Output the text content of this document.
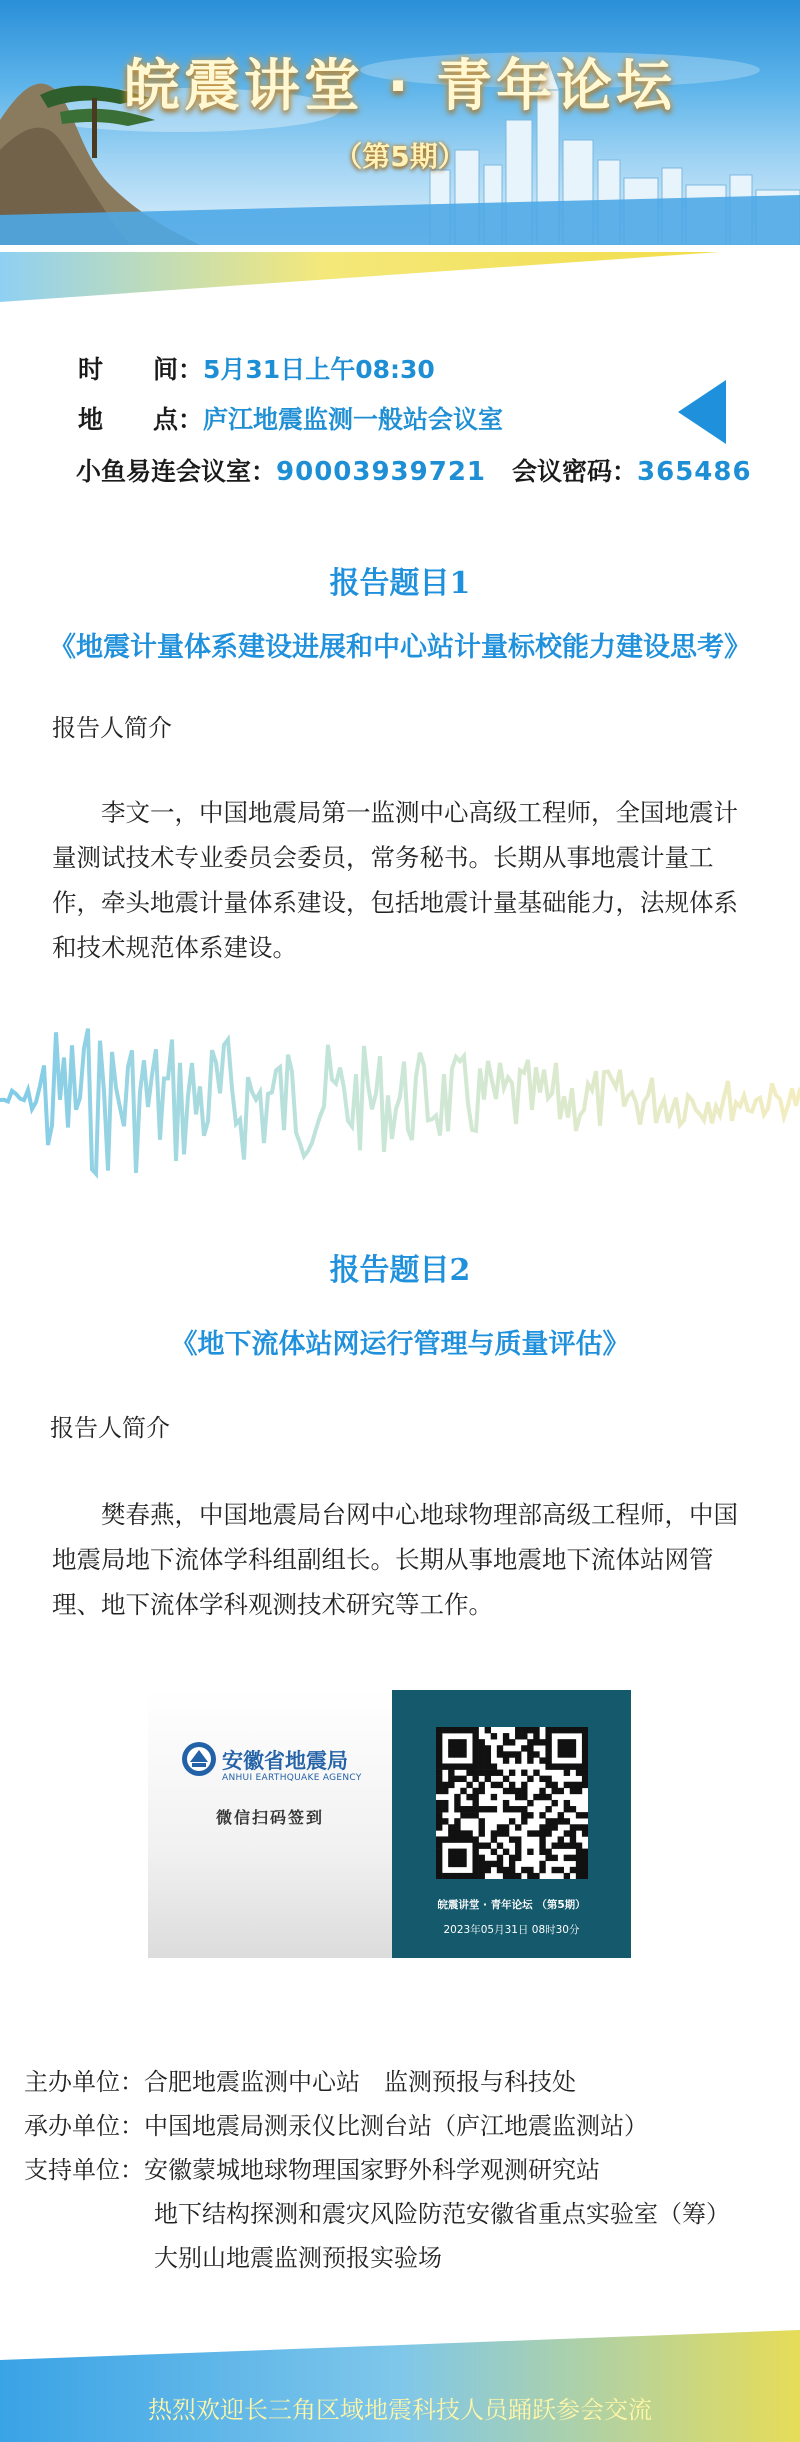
皖震讲堂 · 青年论坛
（第5期）
时　　间：5月31日上午08:30
地　　点：庐江地震监测一般站会议室
小鱼易连会议室：90003939721 会议密码：365486
报告题目1
《地震计量体系建设进展和中心站计量标校能力建设思考》
报告人简介
李文一，中国地震局第一监测中心高级工程师，全国地震计量测试技术专业委员会委员，常务秘书。长期从事地震计量工作，牵头地震计量体系建设，包括地震计量基础能力，法规体系和技术规范体系建设。
报告题目2
《地下流体站网运行管理与质量评估》
报告人简介
樊春燕，中国地震局台网中心地球物理部高级工程师，中国地震局地下流体学科组副组长。长期从事地震地下流体站网管理、地下流体学科观测技术研究等工作。
安徽省地震局
ANHUI EARTHQUAKE AGENCY
微信扫码签到
皖震讲堂 · 青年论坛 （第5期）
2023年05月31日 08时30分
主办单位：合肥地震监测中心站　监测预报与科技处
承办单位：中国地震局测汞仪比测台站（庐江地震监测站）
支持单位：安徽蒙城地球物理国家野外科学观测研究站
地下结构探测和震灾风险防范安徽省重点实验室（筹）
大别山地震监测预报实验场
热烈欢迎长三角区域地震科技人员踊跃参会交流
